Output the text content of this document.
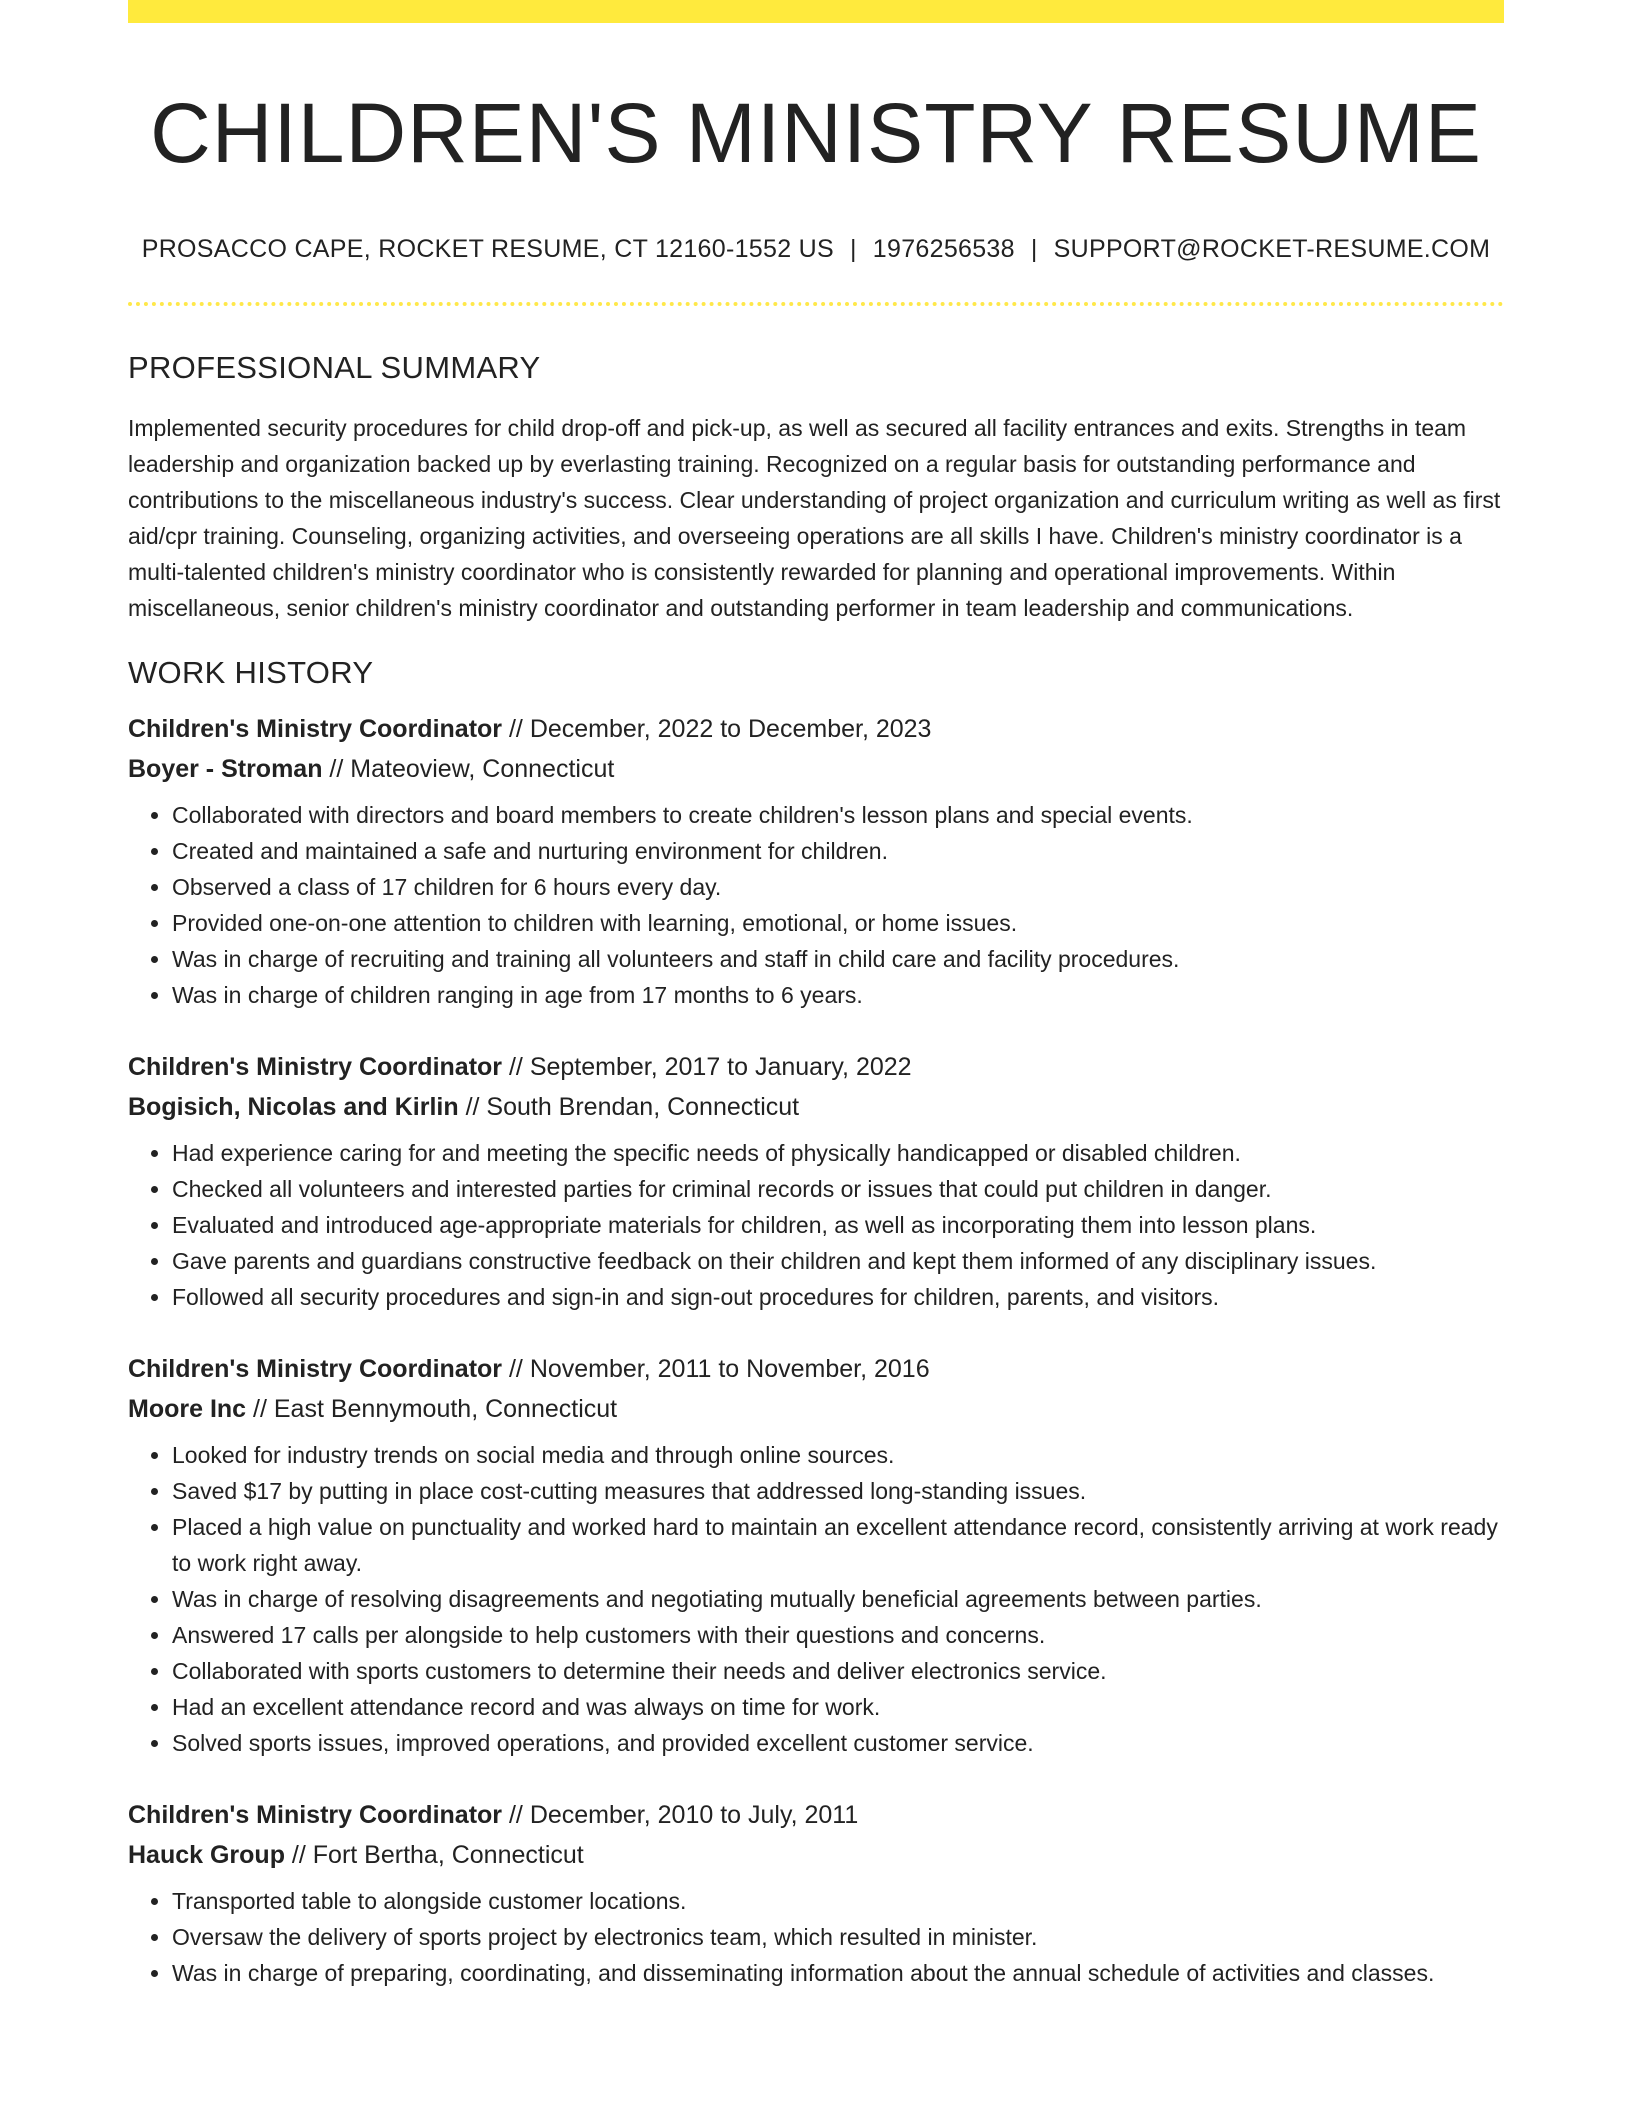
CHILDREN'S MINISTRY RESUME
PROSACCO CAPE, ROCKET RESUME, CT 12160-1552 US | 1976256538 | SUPPORT@ROCKET-RESUME.COM
PROFESSIONAL SUMMARY
Implemented security procedures for child drop-off and pick-up, as well as secured all facility entrances and exits. Strengths in team leadership and organization backed up by everlasting training. Recognized on a regular basis for outstanding performance and contributions to the miscellaneous industry's success. Clear understanding of project organization and curriculum writing as well as first aid/cpr training. Counseling, organizing activities, and overseeing operations are all skills I have. Children's ministry coordinator is a multi-talented children's ministry coordinator who is consistently rewarded for planning and operational improvements. Within miscellaneous, senior children's ministry coordinator and outstanding performer in team leadership and communications.
WORK HISTORY
Children's Ministry Coordinator // December, 2022 to December, 2023
Boyer - Stroman // Mateoview, Connecticut
• Collaborated with directors and board members to create children's lesson plans and special events.
• Created and maintained a safe and nurturing environment for children.
• Observed a class of 17 children for 6 hours every day.
• Provided one-on-one attention to children with learning, emotional, or home issues.
• Was in charge of recruiting and training all volunteers and staff in child care and facility procedures.
• Was in charge of children ranging in age from 17 months to 6 years.
Children's Ministry Coordinator // September, 2017 to January, 2022
Bogisich, Nicolas and Kirlin // South Brendan, Connecticut
• Had experience caring for and meeting the specific needs of physically handicapped or disabled children.
• Checked all volunteers and interested parties for criminal records or issues that could put children in danger.
• Evaluated and introduced age-appropriate materials for children, as well as incorporating them into lesson plans.
• Gave parents and guardians constructive feedback on their children and kept them informed of any disciplinary issues.
• Followed all security procedures and sign-in and sign-out procedures for children, parents, and visitors.
Children's Ministry Coordinator // November, 2011 to November, 2016
Moore Inc // East Bennymouth, Connecticut
• Looked for industry trends on social media and through online sources.
• Saved $17 by putting in place cost-cutting measures that addressed long-standing issues.
• Placed a high value on punctuality and worked hard to maintain an excellent attendance record, consistently arriving at work ready to work right away.
• Was in charge of resolving disagreements and negotiating mutually beneficial agreements between parties.
• Answered 17 calls per alongside to help customers with their questions and concerns.
• Collaborated with sports customers to determine their needs and deliver electronics service.
• Had an excellent attendance record and was always on time for work.
• Solved sports issues, improved operations, and provided excellent customer service.
Children's Ministry Coordinator // December, 2010 to July, 2011
Hauck Group // Fort Bertha, Connecticut
• Transported table to alongside customer locations.
• Oversaw the delivery of sports project by electronics team, which resulted in minister.
• Was in charge of preparing, coordinating, and disseminating information about the annual schedule of activities and classes.
